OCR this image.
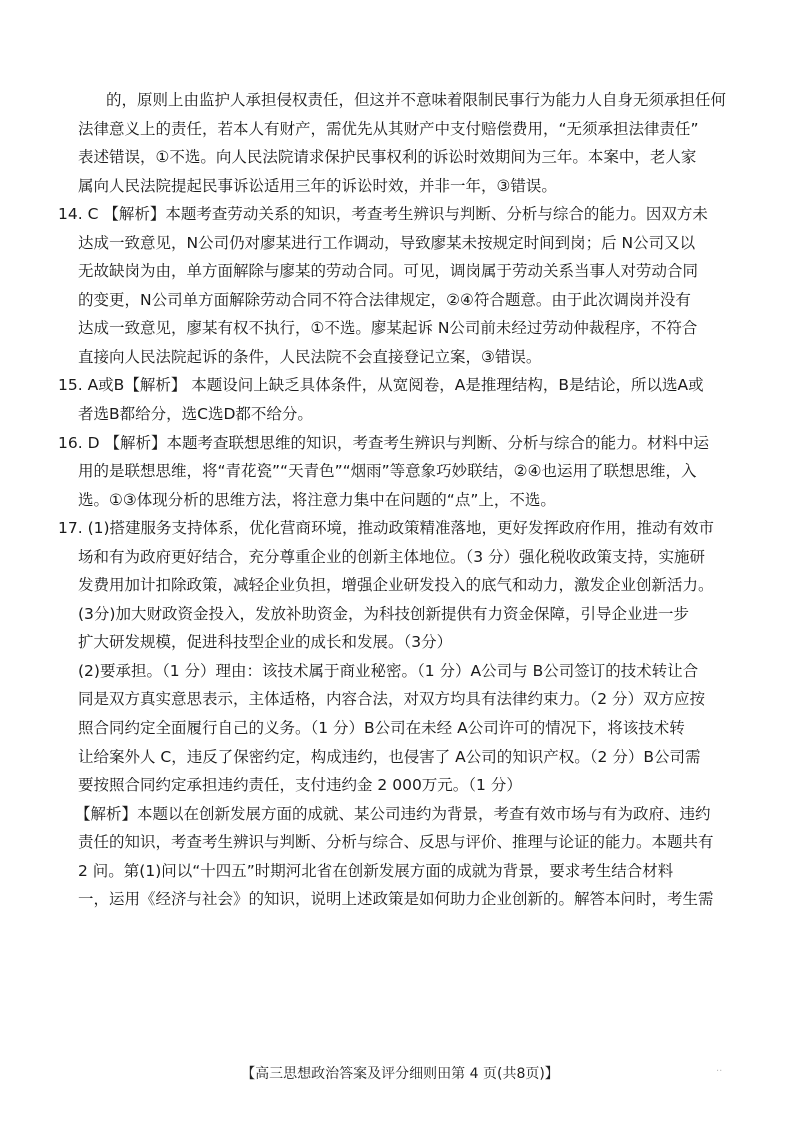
的，原则上由监护人承担侵权责任，但这并不意味着限制民事行为能力人自身无须承担任何
法律意义上的责任，若本人有财产，需优先从其财产中支付赔偿费用，“无须承担法律责任”
表述错误，①不选。向人民法院请求保护民事权利的诉讼时效期间为三年。本案中，老人家
属向人民法院提起民事诉讼适用三年的诉讼时效，并非一年，③错误。
14. C 【解析】本题考查劳动关系的知识，考查考生辨识与判断、分析与综合的能力。因双方未
达成一致意见，N公司仍对廖某进行工作调动，导致廖某未按规定时间到岗；后 N公司又以
无故缺岗为由，单方面解除与廖某的劳动合同。可见，调岗属于劳动关系当事人对劳动合同
的变更，N公司单方面解除劳动合同不符合法律规定，②④符合题意。由于此次调岗并没有
达成一致意见，廖某有权不执行，①不选。廖某起诉 N公司前未经过劳动仲裁程序，不符合
直接向人民法院起诉的条件，人民法院不会直接登记立案，③错误。
15. A或B【解析】 本题设问上缺乏具体条件，从宽阅卷，A是推理结构，B是结论，所以选A或
者选B都给分，选C选D都不给分。
16. D 【解析】本题考查联想思维的知识，考查考生辨识与判断、分析与综合的能力。材料中运
用的是联想思维，将“青花瓷”“天青色”“烟雨”等意象巧妙联结，②④也运用了联想思维，入
选。①③体现分析的思维方法，将注意力集中在问题的“点”上，不选。
17. (1)搭建服务支持体系，优化营商环境，推动政策精准落地，更好发挥政府作用，推动有效市
场和有为政府更好结合，充分尊重企业的创新主体地位。（3 分）强化税收政策支持，实施研
发费用加计扣除政策，减轻企业负担，增强企业研发投入的底气和动力，激发企业创新活力。
(3分)加大财政资金投入，发放补助资金，为科技创新提供有力资金保障，引导企业进一步
扩大研发规模，促进科技型企业的成长和发展。（3分）
(2)要承担。（1 分）理由：该技术属于商业秘密。（1 分）A公司与 B公司签订的技术转让合
同是双方真实意思表示，主体适格，内容合法，对双方均具有法律约束力。（2 分）双方应按
照合同约定全面履行自己的义务。（1 分）B公司在未经 A公司许可的情况下，将该技术转
让给案外人 C，违反了保密约定，构成违约，也侵害了 A公司的知识产权。（2 分）B公司需
要按照合同约定承担违约责任，支付违约金 2 000万元。（1 分）
【解析】本题以在创新发展方面的成就、某公司违约为背景，考查有效市场与有为政府、违约
责任的知识，考查考生辨识与判断、分析与综合、反思与评价、推理与论证的能力。本题共有
2 问。第(1)问以“十四五”时期河北省在创新发展方面的成就为背景，要求考生结合材料
一，运用《经济与社会》的知识，说明上述政策是如何助力企业创新的。解答本问时，考生需
【高三思想政治答案及评分细则田第 4 页(共8页)】	··
